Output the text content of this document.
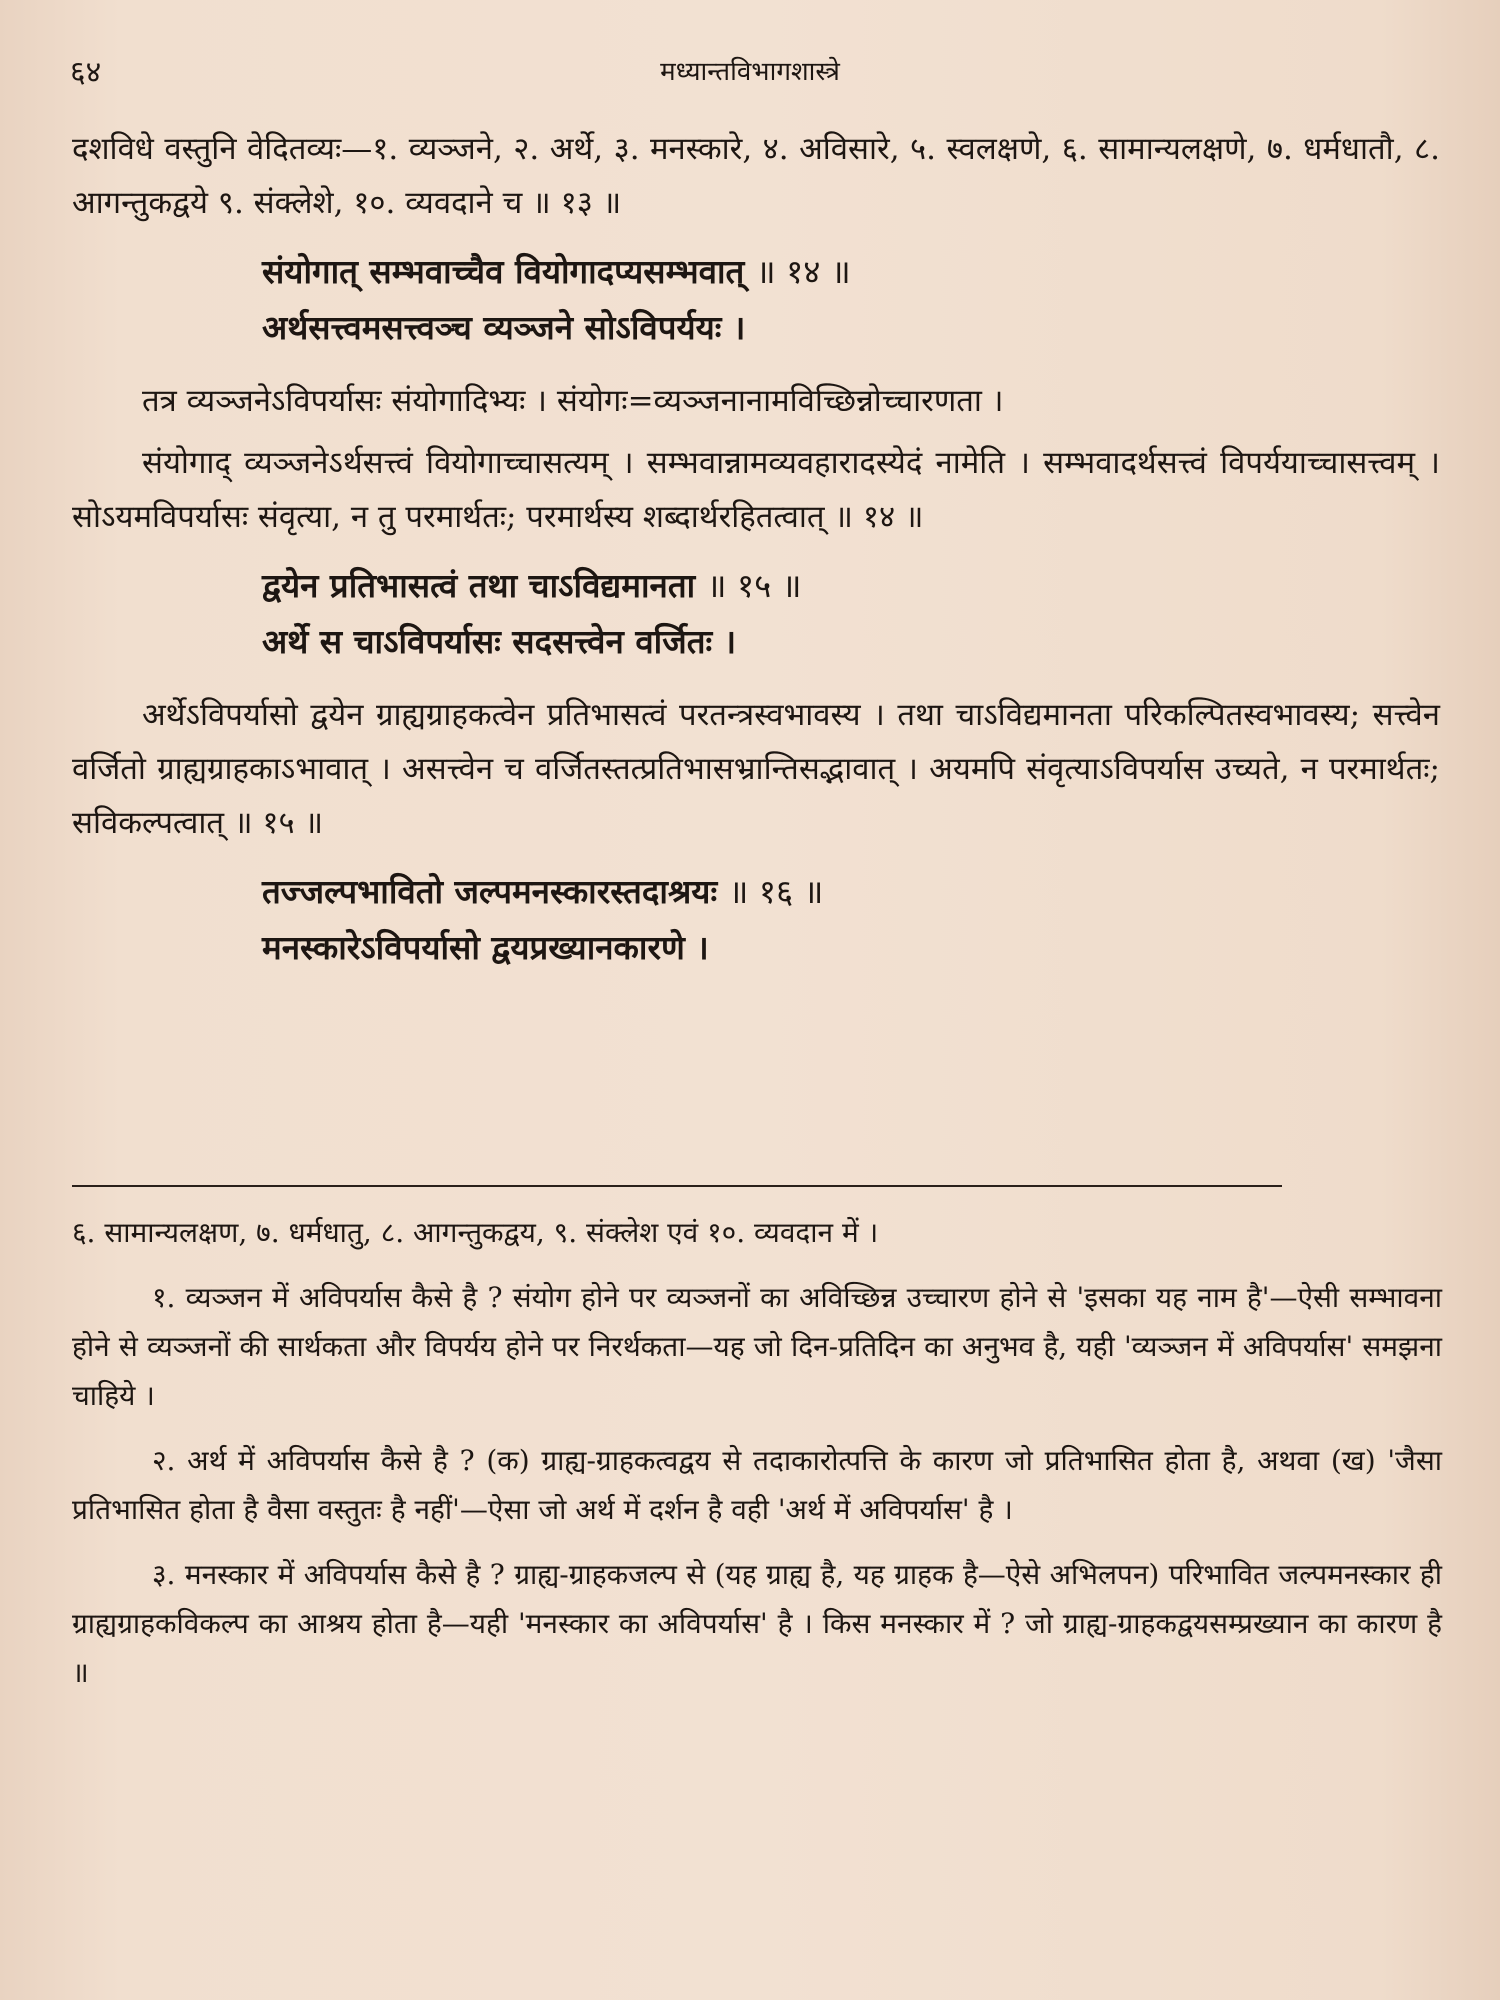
६४	मध्यान्तविभागशास्त्रे

दशविधे वस्तुनि वेदितव्यः—१. व्यञ्जने, २. अर्थे, ३. मनस्कारे, ४. अविसारे, ५. स्वलक्षणे, ६. सामान्यलक्षणे, ७. धर्मधातौ, ८. आगन्तुकद्वये ९. संक्लेशे, १०. व्यवदाने च ॥ १३ ॥

संयोगात् सम्भवाच्चैव वियोगादप्यसम्भवात् ॥ १४ ॥
अर्थसत्त्वमसत्त्वञ्च व्यञ्जने सोऽविपर्ययः ।

तत्र व्यञ्जनेऽविपर्यासः संयोगादिभ्यः । संयोगः=व्यञ्जनानामविच्छिन्नोच्चारणता ।

संयोगाद् व्यञ्जनेऽर्थसत्त्वं वियोगाच्चासत्यम् । सम्भवान्नामव्यवहारादस्येदं नामेति । सम्भवादर्थसत्त्वं विपर्ययाच्चासत्त्वम् । सोऽयमविपर्यासः संवृत्या, न तु परमार्थतः; परमार्थस्य शब्दार्थरहितत्वात् ॥ १४ ॥

द्वयेन प्रतिभासत्वं तथा चाऽविद्यमानता ॥ १५ ॥
अर्थे स चाऽविपर्यासः सदसत्त्वेन वर्जितः ।

अर्थेऽविपर्यासो द्वयेन ग्राह्यग्राहकत्वेन प्रतिभासत्वं परतन्त्रस्वभावस्य । तथा चाऽविद्यमानता परिकल्पितस्वभावस्य; सत्त्वेन वर्जितो ग्राह्यग्राहकाऽभावात् । असत्त्वेन च वर्जितस्तत्प्रतिभासभ्रान्तिसद्भावात् । अयमपि संवृत्याऽविपर्यास उच्यते, न परमार्थतः; सविकल्पत्वात् ॥ १५ ॥

तज्जल्पभावितो जल्पमनस्कारस्तदाश्रयः ॥ १६ ॥
मनस्कारेऽविपर्यासो द्वयप्रख्यानकारणे ।

६. सामान्यलक्षण, ७. धर्मधातु, ८. आगन्तुकद्वय, ९. संक्लेश एवं १०. व्यवदान में ।

१. व्यञ्जन में अविपर्यास कैसे है ? संयोग होने पर व्यञ्जनों का अविच्छिन्न उच्चारण होने से 'इसका यह नाम है'—ऐसी सम्भावना होने से व्यञ्जनों की सार्थकता और विपर्यय होने पर निरर्थकता—यह जो दिन-प्रतिदिन का अनुभव है, यही 'व्यञ्जन में अविपर्यास' समझना चाहिये ।

२. अर्थ में अविपर्यास कैसे है ? (क) ग्राह्य-ग्राहकत्वद्वय से तदाकारोत्पत्ति के कारण जो प्रतिभासित होता है, अथवा (ख) 'जैसा प्रतिभासित होता है वैसा वस्तुतः है नहीं'—ऐसा जो अर्थ में दर्शन है वही 'अर्थ में अविपर्यास' है ।

३. मनस्कार में अविपर्यास कैसे है ? ग्राह्य-ग्राहकजल्प से (यह ग्राह्य है, यह ग्राहक है—ऐसे अभिलपन) परिभावित जल्पमनस्कार ही ग्राह्यग्राहकविकल्प का आश्रय होता है—यही 'मनस्कार का अविपर्यास' है । किस मनस्कार में ? जो ग्राह्य-ग्राहकद्वयसम्प्रख्यान का कारण है ॥
